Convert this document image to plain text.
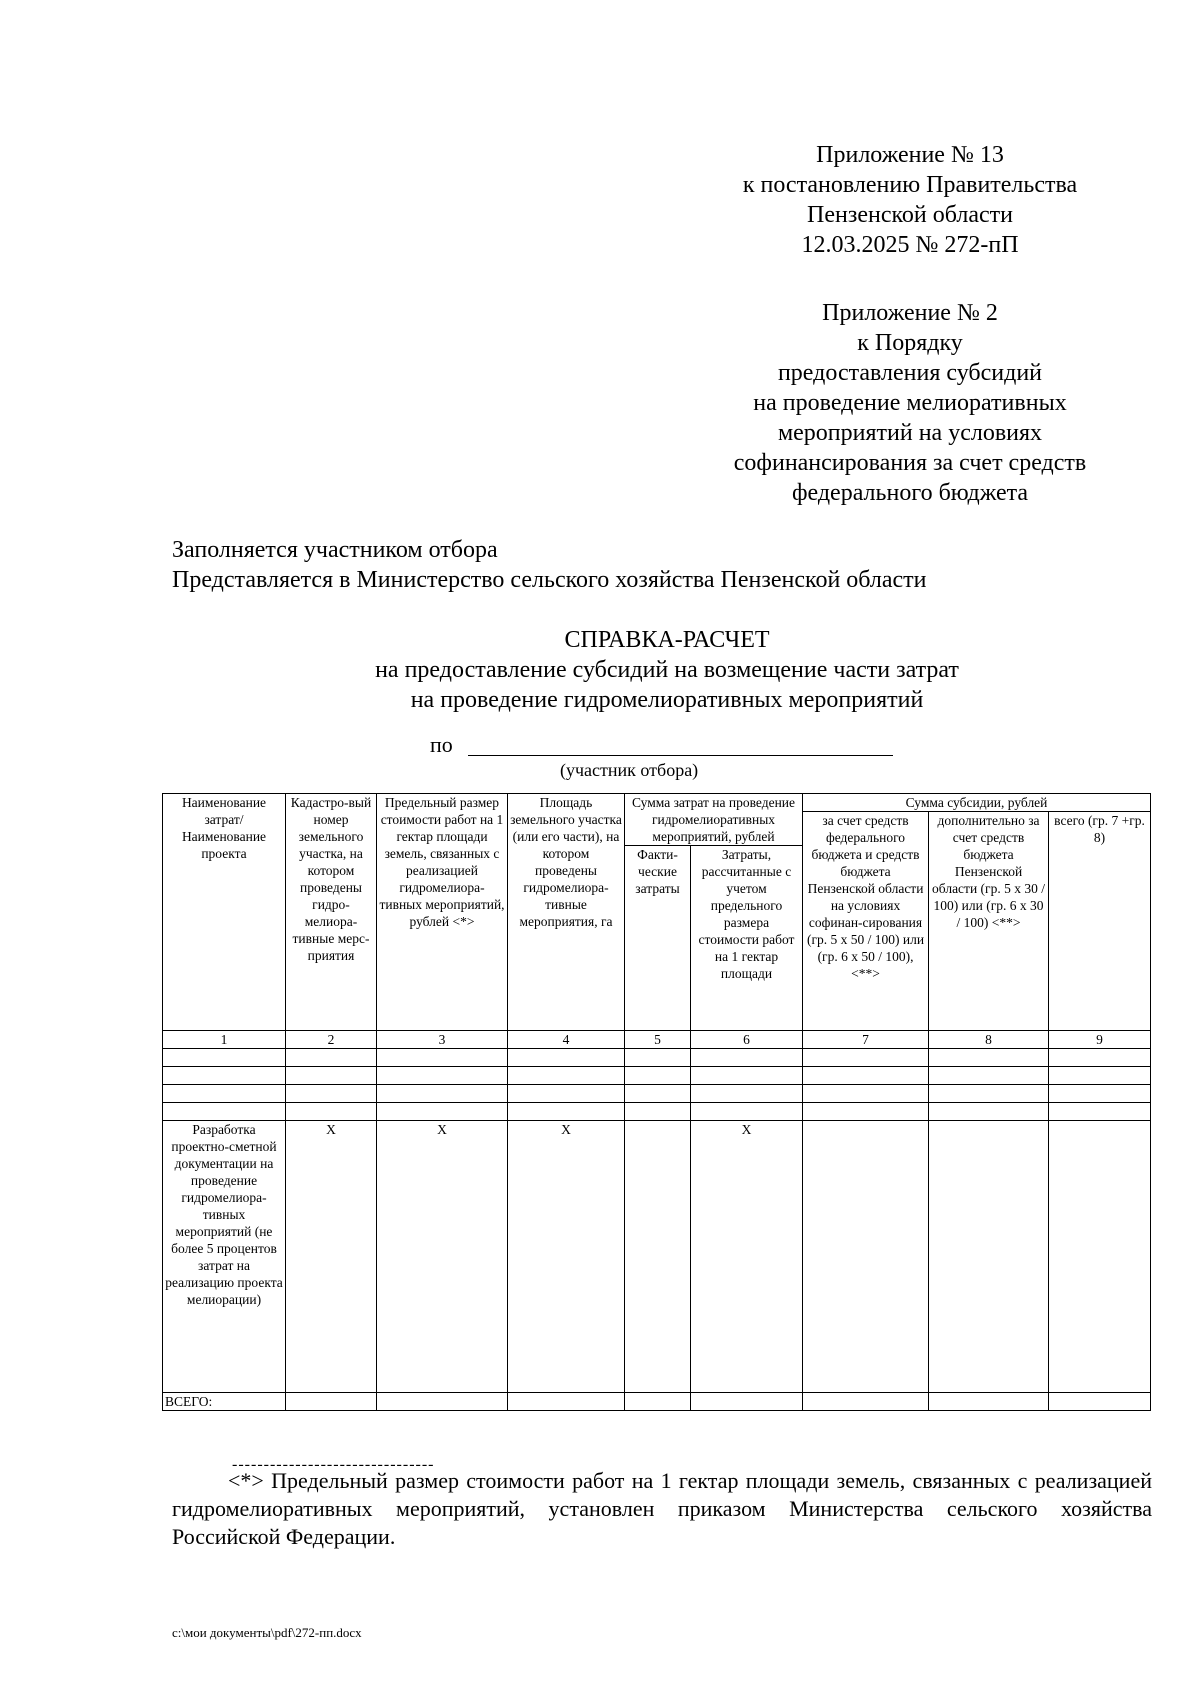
Приложение № 13
к постановлению Правительства
Пензенской области
12.03.2025 № 272-пП
Приложение № 2
к Порядку
предоставления субсидий
на проведение мелиоративных
мероприятий на условиях
софинансирования за счет средств
федерального бюджета
Заполняется участником отбора
Представляется в Министерство сельского хозяйства Пензенской области
СПРАВКА-РАСЧЕТ
на предоставление субсидий на возмещение части затрат
на проведение гидромелиоративных мероприятий
по
(участник отбора)
Наименование затрат/ Наименование проекта	Кадастро-вый номер земельного участка, на котором проведены гидро-мелиора-тивные мерс-приятия	Предельный размер стоимости работ на 1 гектар площади земель, связанных с реализацией гидромелиора-тивных мероприятий, рублей <*>	Площадь земельного участка (или его части), на котором проведены гидромелиора-тивные мероприятия, га	Сумма затрат на проведение гидромелиоративных мероприятий, рублей		Сумма субсидии, рублей		
						за счет средств федерального бюджета и средств бюджета Пензенской области на условиях софинан-сирования (гр. 5 x 50 / 100) или (гр. 6 x 50 / 100), <**>	дополнительно за счет средств бюджета Пензенской области (гр. 5 x 30 / 100) или (гр. 6 x 30 / 100) <**>	всего (гр. 7 +гр. 8)
				Факти-ческие затраты	Затраты, рассчитанные с учетом предельного размера стоимости работ на 1 гектар площади			
1	2	3	4	5	6	7	8	9

Разработка проектно-сметной документации на проведение гидромелиора-тивных мероприятий (не более 5 процентов затрат на реализацию проекта мелиорации)	X	X	X		X			
ВСЕГО:								
--------------------------------
<*> Предельный размер стоимости работ на 1 гектар площади земель, связанных с реализацией гидромелиоративных мероприятий, установлен приказом Министерства сельского хозяйства Российской Федерации.
c:\мои документы\pdf\272-пп.docx
